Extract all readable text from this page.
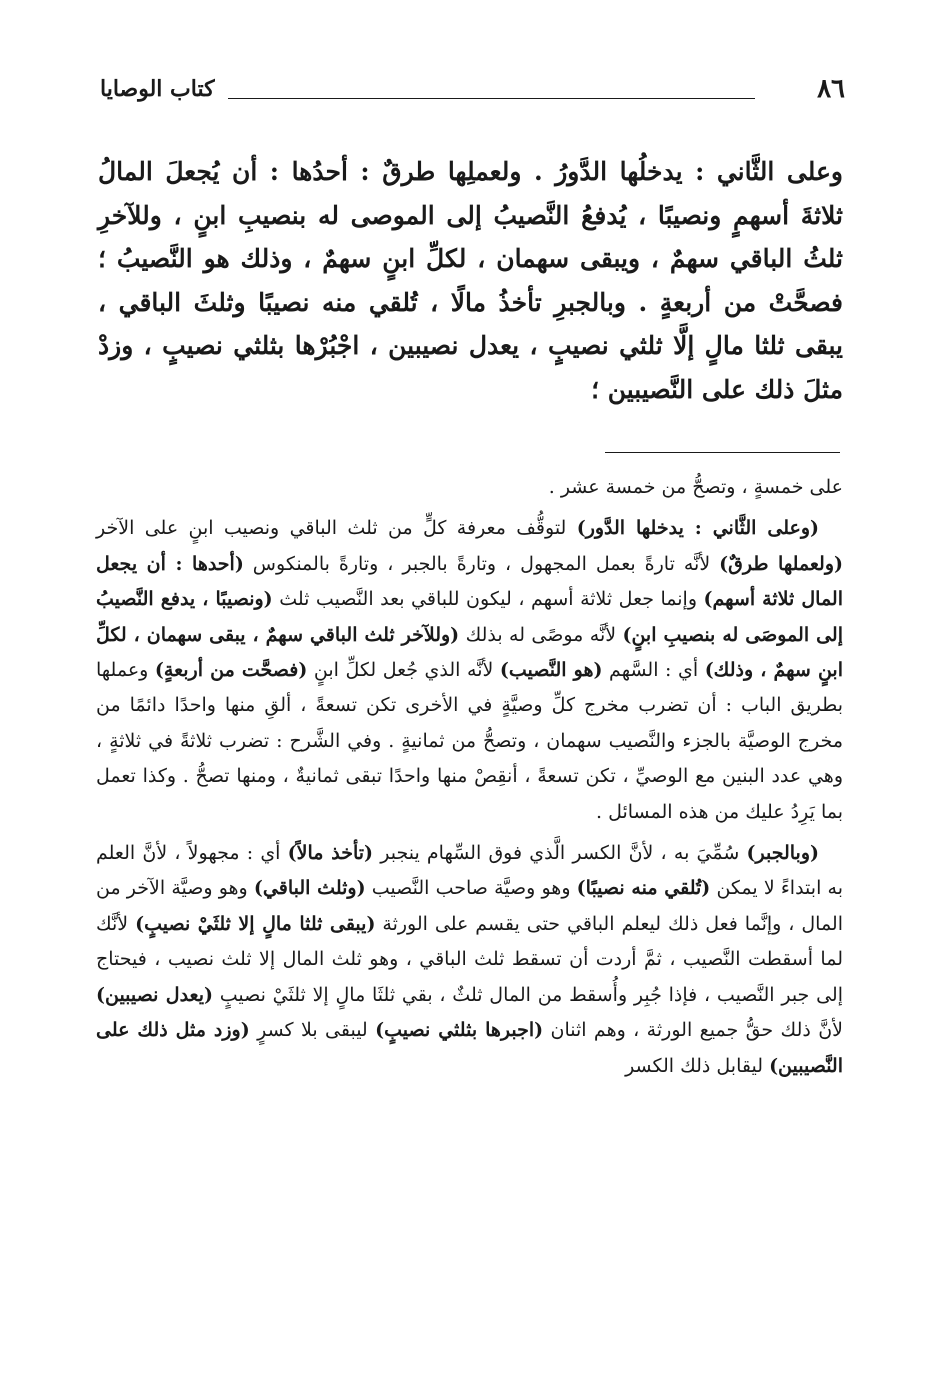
٨٦
كتاب الوصايا
وعلى الثَّاني : يدخلُها الدَّورُ . ولعملِها طرقٌ : أحدُها : أن يُجعلَ المالُ ثلاثةَ أسهمٍ ونصيبًا ، يُدفعُ النَّصيبُ إلى الموصى له بنصيبِ ابنٍ ، وللآخرِ ثلثُ الباقي سهمٌ ، ويبقى سهمان ، لكلِّ ابنٍ سهمٌ ، وذلك هو النَّصيبُ ؛ فصحَّتْ من أربعةٍ . وبالجبرِ تأخذُ مالًا ، تُلقي منه نصيبًا وثلثَ الباقي ، يبقى ثلثا مالٍ إلَّا ثلثي نصيبٍ ، يعدل نصيبين ، اجْبُرْها بثلثي نصيبٍ ، وزدْ مثلَ ذلك على النَّصيبين ؛

على خمسةٍ ، وتصحُّ من خمسة عشر .

(وعلى الثَّاني : يدخلها الدَّور) لتوقُّف معرفة كلٍّ من ثلث الباقي ونصيب ابنٍ على الآخر (ولعملها طرقٌ) لأنَّه تارةً بعمل المجهول ، وتارةً بالجبر ، وتارةً بالمنكوس (أحدها : أن يجعل المال ثلاثة أسهم) وإنما جعل ثلاثة أسهم ، ليكون للباقي بعد النَّصيب ثلث (ونصيبًا ، يدفع النَّصيبُ إلى الموصَى له بنصيبِ ابنٍ) لأنَّه موصًى له بذلك (وللآخر ثلث الباقي سهمٌ ، يبقى سهمان ، لكلِّ ابنٍ سهمٌ ، وذلك) أي : السَّهم (هو النَّصيب) لأنَّه الذي جُعل لكلِّ ابنٍ (فصحَّت من أربعةٍ) وعملها بطريق الباب : أن تضرب مخرج كلِّ وصيَّةٍ في الأخرى تكن تسعةً ، ألقِ منها واحدًا دائمًا من مخرج الوصيَّة بالجزء والنَّصيب سهمان ، وتصحُّ من ثمانيةٍ . وفي الشَّرح : تضرب ثلاثةً في ثلاثةٍ ، وهي عدد البنين مع الوصيِّ ، تكن تسعةً ، أنقِصْ منها واحدًا تبقى ثمانيةٌ ، ومنها تصحُّ . وكذا تعمل بما يَرِدُ عليك من هذه المسائل .

(وبالجبر) سُمِّيَ به ، لأنَّ الكسر الَّذي فوق السِّهام ينجبر (تأخذ مالاً) أي : مجهولاً ، لأنَّ العلم به ابتداءً لا يمكن (تُلقي منه نصيبًا) وهو وصيَّة صاحب النَّصيب (وثلث الباقي) وهو وصيَّة الآخر من المال ، وإنَّما فعل ذلك ليعلم الباقي حتى يقسم على الورثة (يبقى ثلثا مالٍ إلا ثلثَيْ نصيبٍ) لأنَّك لما أسقطت النَّصيب ، ثمَّ أردت أن تسقط ثلث الباقي ، وهو ثلث المال إلا ثلث نصيب ، فيحتاج إلى جبر النَّصيب ، فإذا جُبِر وأُسقط من المال ثلثٌ ، بقي ثلثَا مالٍ إلا ثلثَيْ نصيبٍ (يعدل نصيبين) لأنَّ ذلك حقُّ جميع الورثة ، وهم اثنان (اجبرها بثلثي نصيبٍ) ليبقى بلا كسرٍ (وزد مثل ذلك على النَّصيبين) ليقابل ذلك الكسر
